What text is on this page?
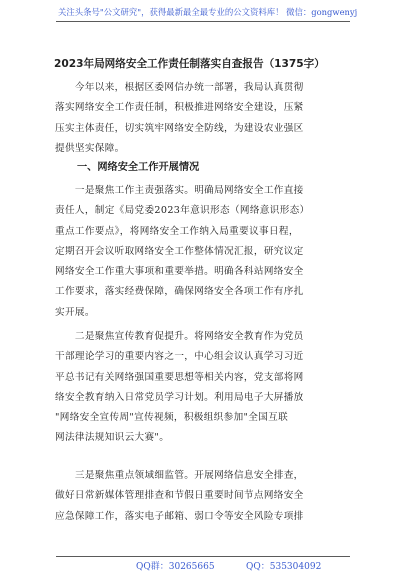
关注头条号"公文研究"，获得最新最全最专业的公文资料库！ 微信：gongwenyj
2023年局网络安全工作责任制落实自查报告（1375字）
　　今年以来，根据区委网信办统一部署，我局认真贯彻
落实网络安全工作责任制，积极推进网络安全建设，压紧
压实主体责任，切实筑牢网络安全防线，为建设农业强区
提供坚实保障。
一、网络安全工作开展情况
　　一是聚焦工作主责强落实。明确局网络安全工作直接
责任人，制定《局党委2023年意识形态（网络意识形态）
重点工作要点》，将网络安全工作纳入局重要议事日程，
定期召开会议听取网络安全工作整体情况汇报，研究议定
网络安全工作重大事项和重要举措。明确各科站网络安全
工作要求，落实经费保障，确保网络安全各项工作有序扎
实开展。
　　二是聚焦宣传教育促提升。将网络安全教育作为党员
干部理论学习的重要内容之一，中心组会议认真学习习近
平总书记有关网络强国重要思想等相关内容，党支部将网
络安全教育纳入日常党员学习计划。利用局电子大屏播放
"网络安全宣传周"宣传视频，积极组织参加"全国互联
网法律法规知识云大赛"。
　　三是聚焦重点领域细监管。开展网络信息安全排查，
做好日常新媒体管理排查和节假日重要时间节点网络安全
应急保障工作，落实电子邮箱、弱口令等安全风险专项排
QQ群：30265665	QQ：535304092
